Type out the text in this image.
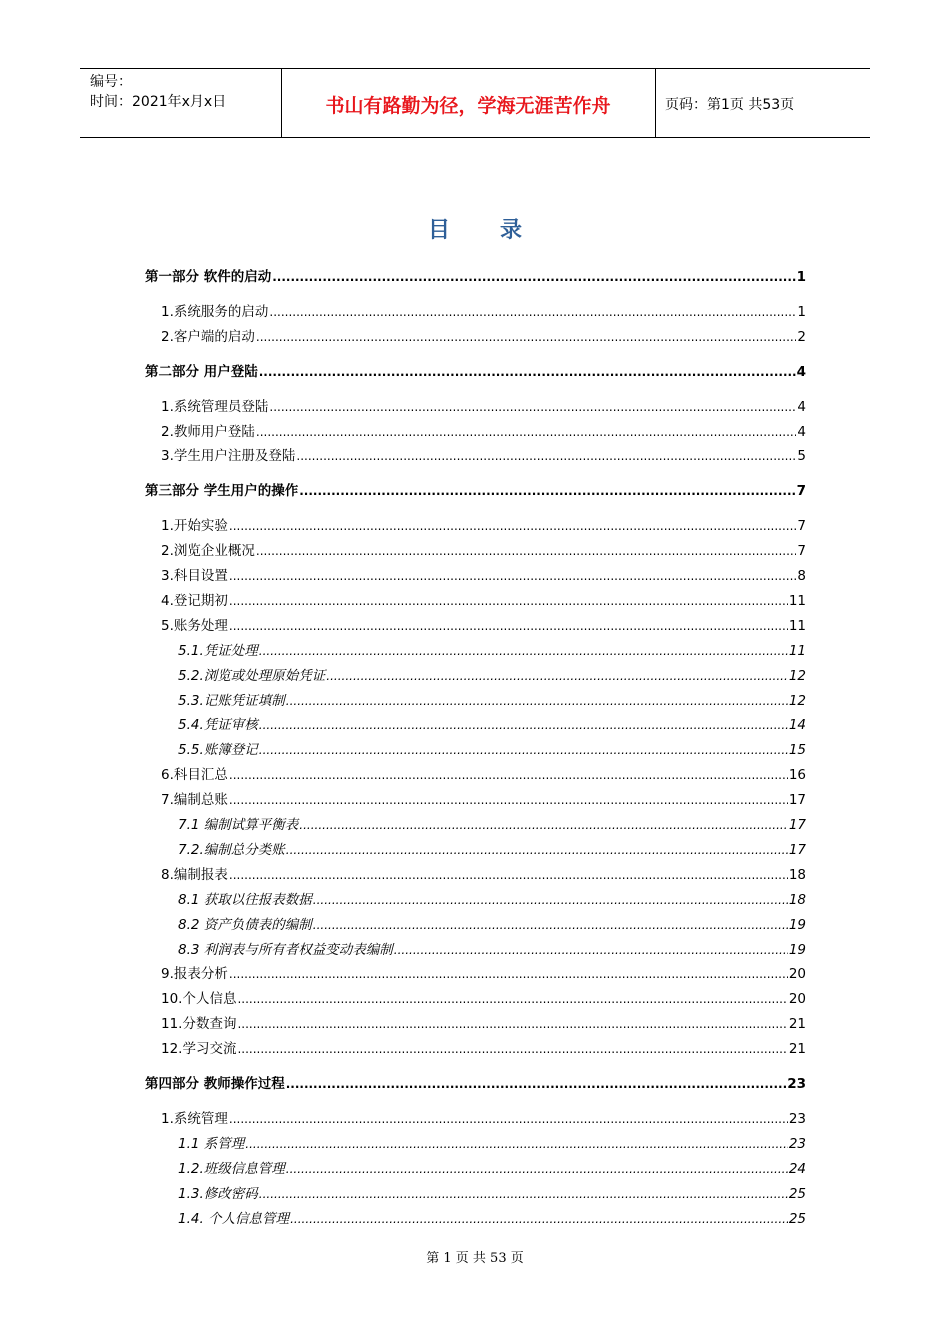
编号：
时间：2021年x月x日	书山有路勤为径，学海无涯苦作舟	页码：第1页 共53页
目录
第一部分 软件的启动 .....	1
1.系统服务的启动 .....	1
2.客户端的启动 .....	2
第二部分 用户登陆 .....	4
1.系统管理员登陆 .....	4
2.教师用户登陆 .....	4
3.学生用户注册及登陆 .....	5
第三部分 学生用户的操作 .....	7
1.开始实验 .....	7
2.浏览企业概况 .....	7
3.科目设置 .....	8
4.登记期初 .....	11
5.账务处理 .....	11
5.1.凭证处理 .....	11
5.2.浏览或处理原始凭证 .....	12
5.3.记账凭证填制 .....	12
5.4.凭证审核 .....	14
5.5.账簿登记 .....	15
6.科目汇总 .....	16
7.编制总账 .....	17
7.1 编制试算平衡表 .....	17
7.2.编制总分类账 .....	17
8.编制报表 .....	18
8.1 获取以往报表数据 .....	18
8.2 资产负债表的编制 .....	19
8.3 利润表与所有者权益变动表编制 .....	19
9.报表分析 .....	20
10.个人信息 .....	20
11.分数查询 .....	21
12.学习交流 .....	21
第四部分 教师操作过程 .....	23
1.系统管理 .....	23
1.1 系管理 .....	23
1.2.班级信息管理 .....	24
1.3.修改密码 .....	25
1.4. 个人信息管理 .....	25
第 1 页 共 53 页
